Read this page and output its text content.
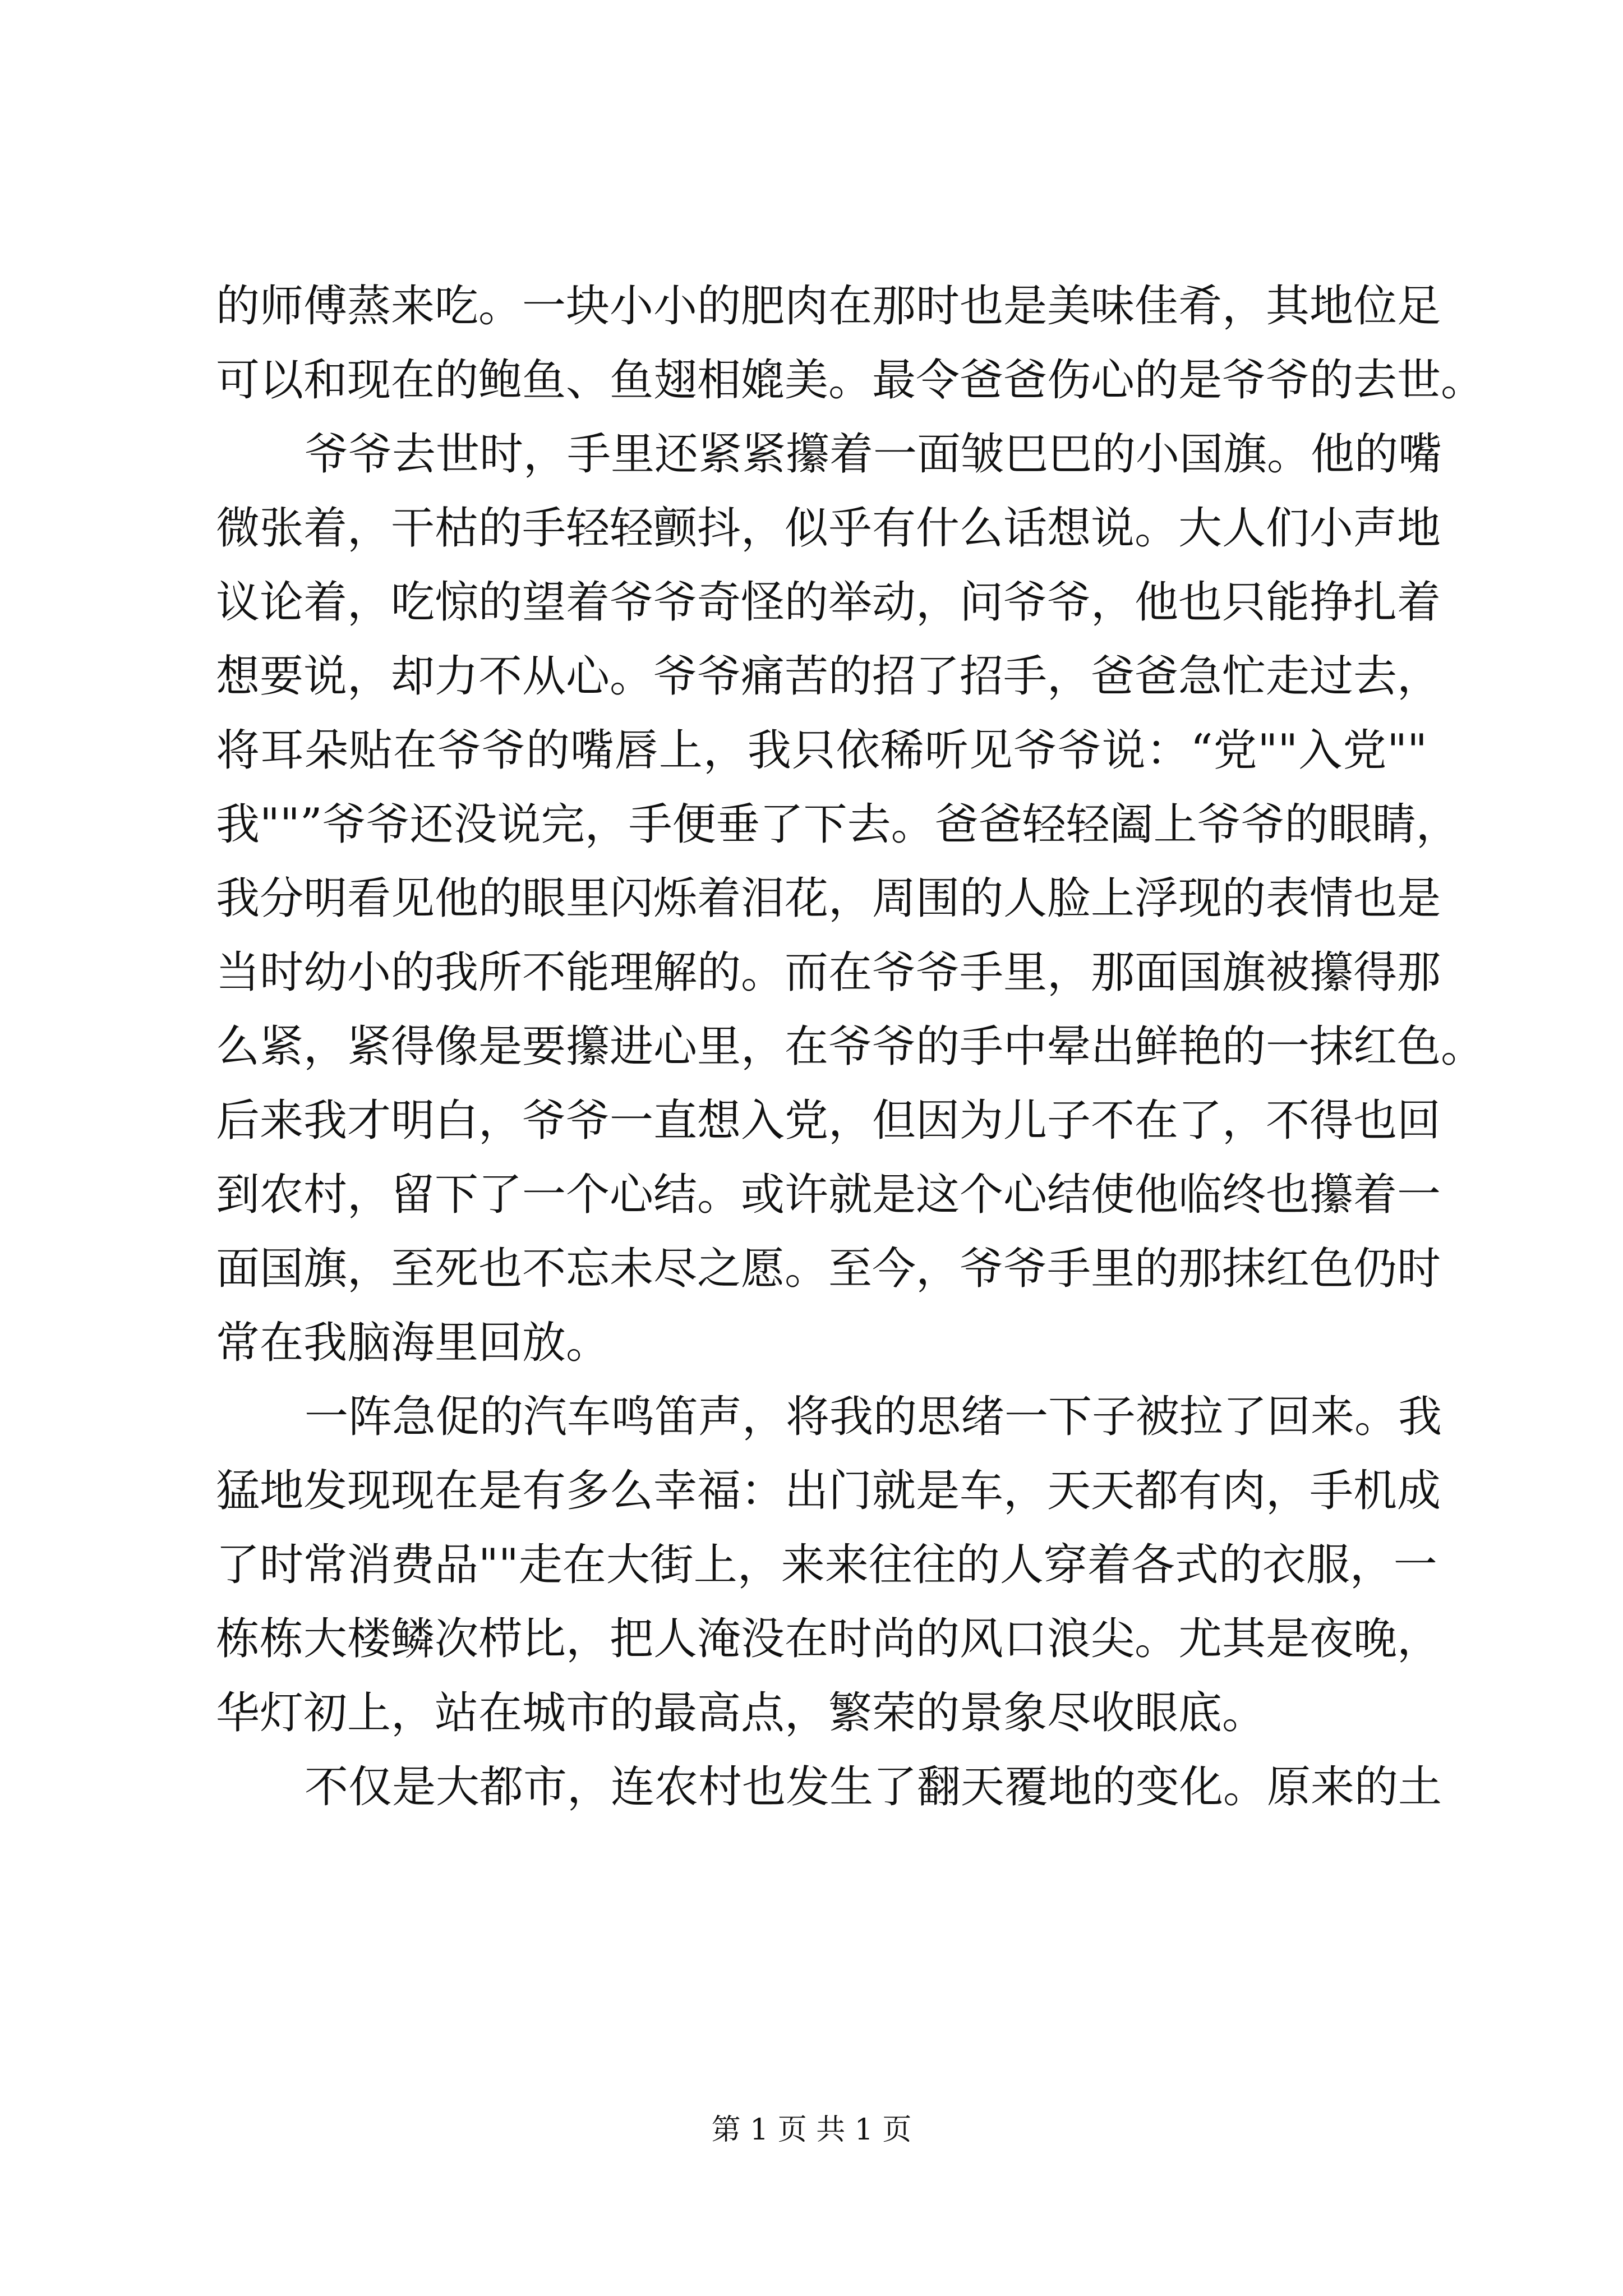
的师傅蒸来吃。一块小小的肥肉在那时也是美味佳肴，其地位足
可以和现在的鲍鱼、鱼翅相媲美。最令爸爸伤心的是爷爷的去世。
爷爷去世时，手里还紧紧攥着一面皱巴巴的小国旗。他的嘴
微张着，干枯的手轻轻颤抖，似乎有什么话想说。大人们小声地
议论着，吃惊的望着爷爷奇怪的举动，问爷爷，他也只能挣扎着
想要说，却力不从心。爷爷痛苦的招了招手，爸爸急忙走过去，
将耳朵贴在爷爷的嘴唇上，我只依稀听见爷爷说：“党""入党""
我""”爷爷还没说完，手便垂了下去。爸爸轻轻阖上爷爷的眼睛，
我分明看见他的眼里闪烁着泪花，周围的人脸上浮现的表情也是
当时幼小的我所不能理解的。而在爷爷手里，那面国旗被攥得那
么紧，紧得像是要攥进心里，在爷爷的手中晕出鲜艳的一抹红色。
后来我才明白，爷爷一直想入党，但因为儿子不在了，不得也回
到农村，留下了一个心结。或许就是这个心结使他临终也攥着一
面国旗，至死也不忘未尽之愿。至今，爷爷手里的那抹红色仍时
常在我脑海里回放。
一阵急促的汽车鸣笛声，将我的思绪一下子被拉了回来。我
猛地发现现在是有多么幸福：出门就是车，天天都有肉，手机成
了时常消费品""走在大街上，来来往往的人穿着各式的衣服，一
栋栋大楼鳞次栉比，把人淹没在时尚的风口浪尖。尤其是夜晚，
华灯初上，站在城市的最高点，繁荣的景象尽收眼底。
不仅是大都市，连农村也发生了翻天覆地的变化。原来的土
第 1 页 共 1 页
